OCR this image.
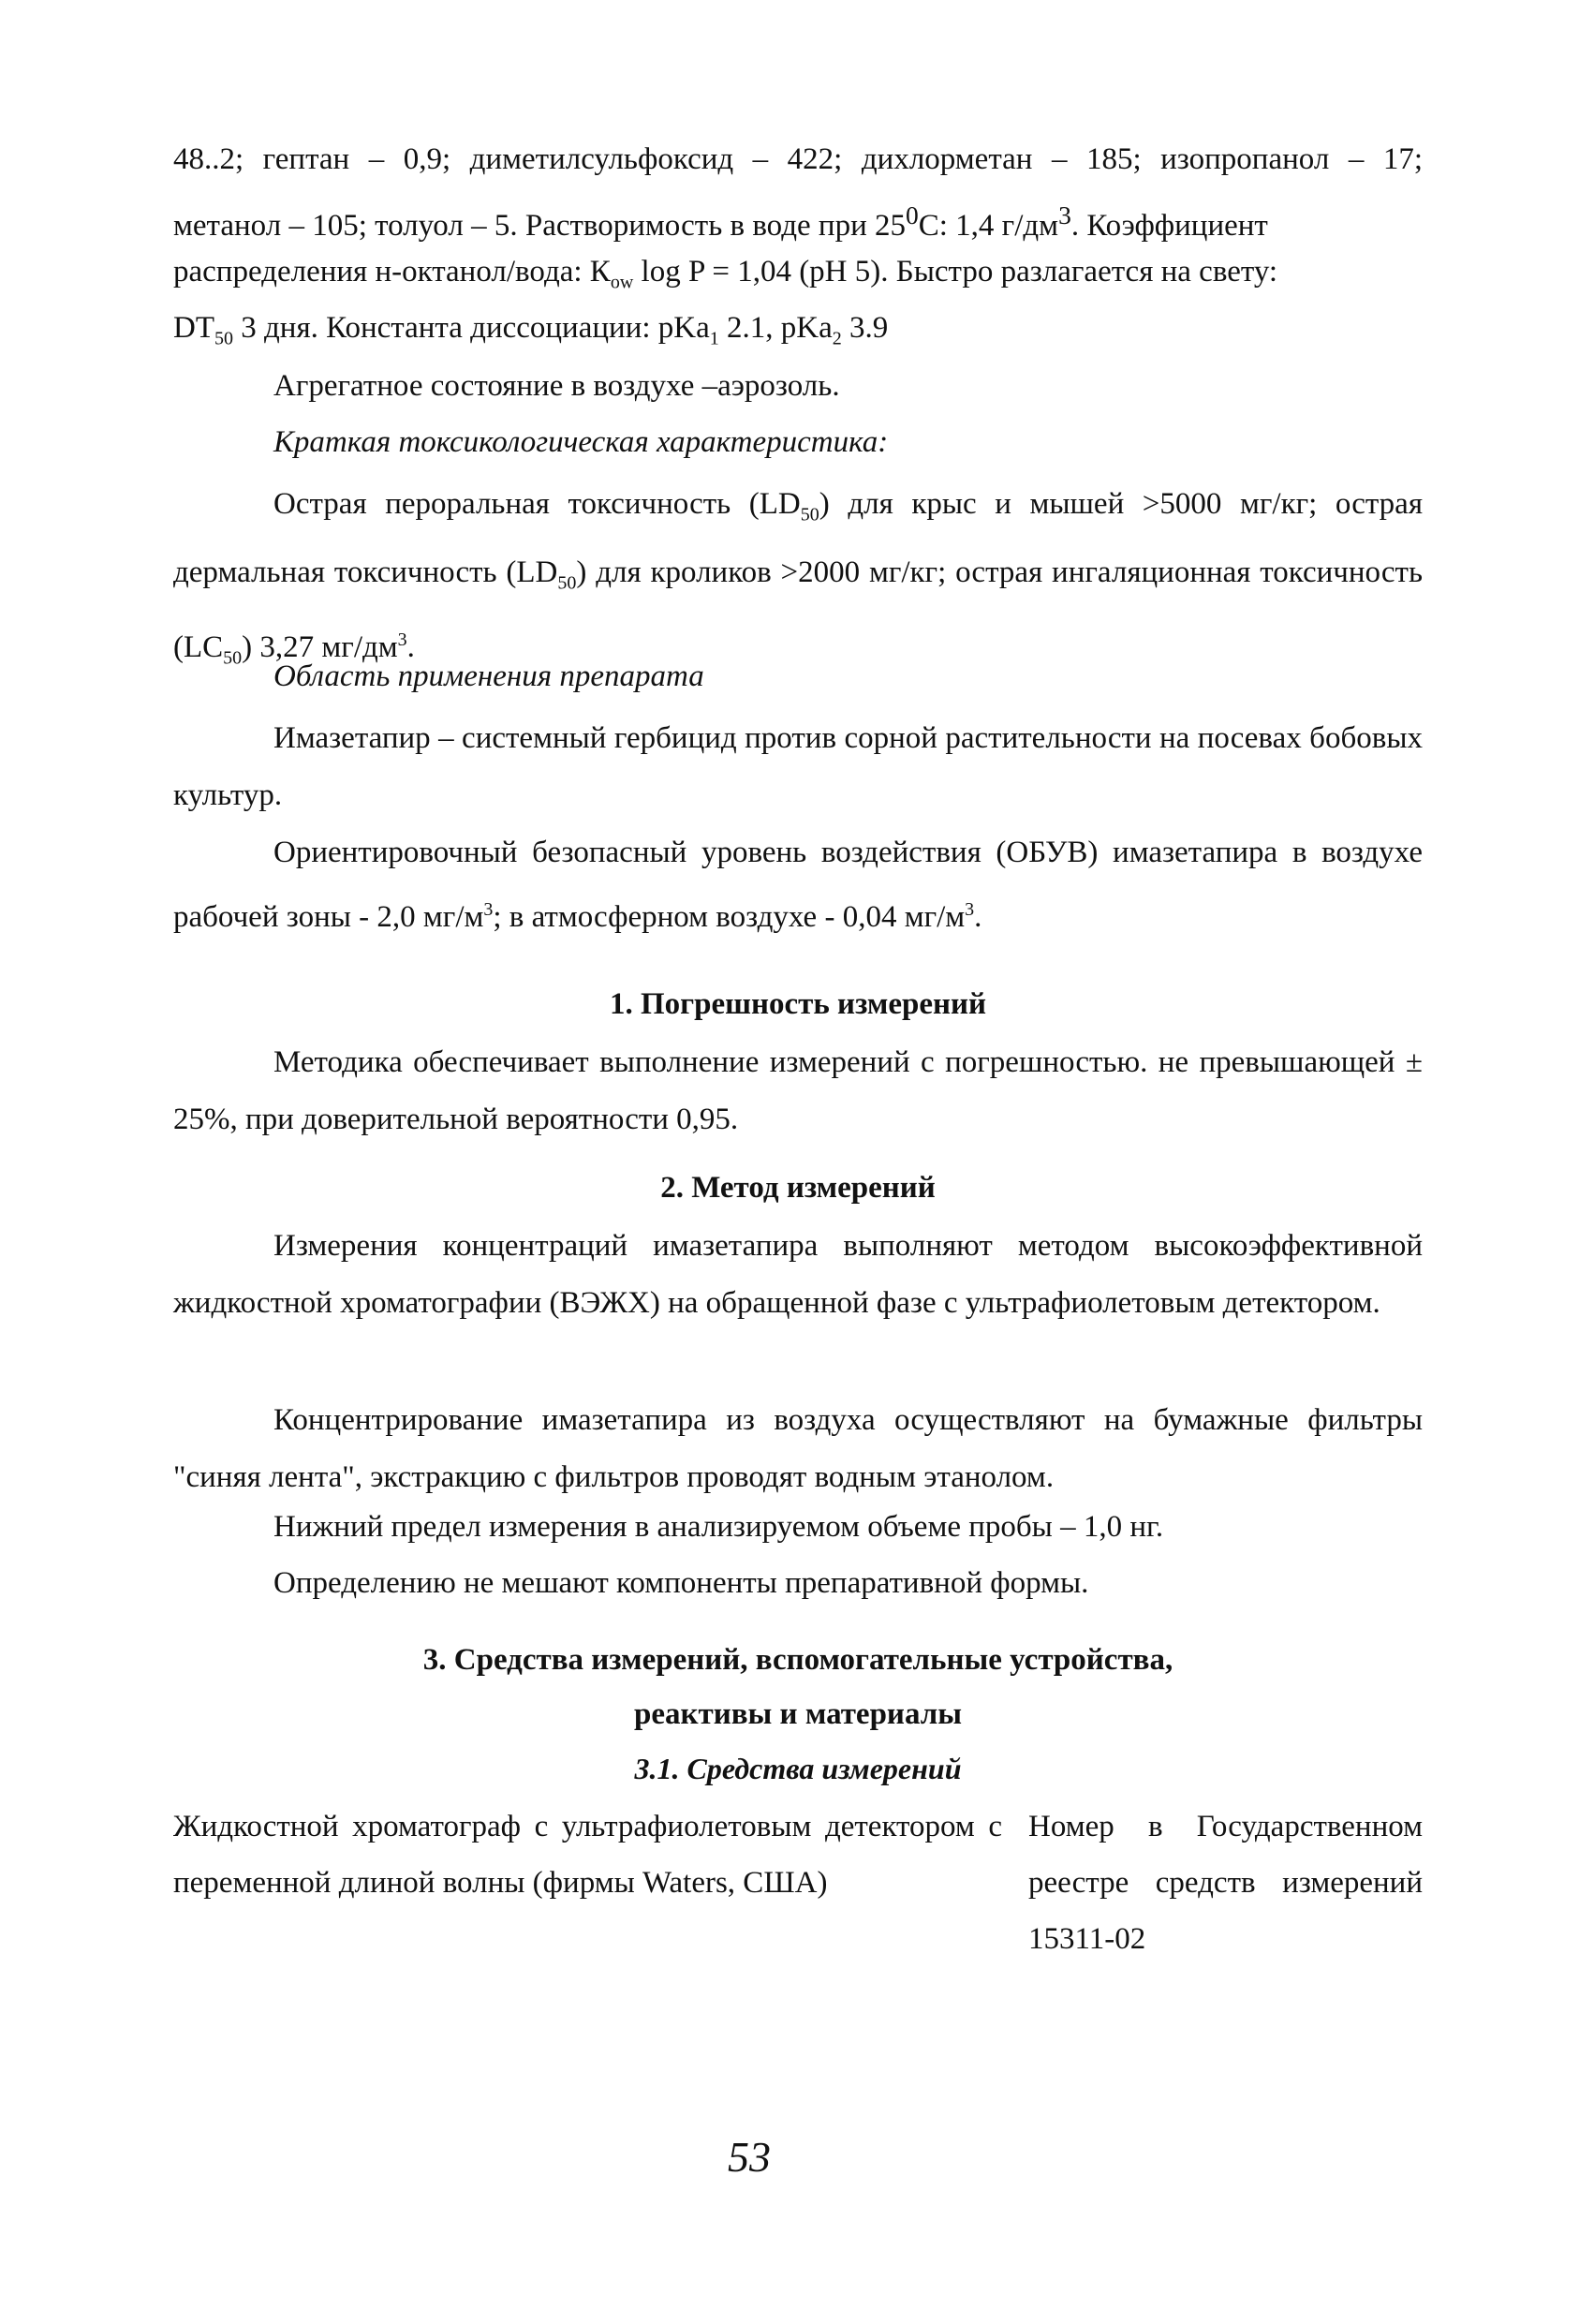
48..2; гептан – 0,9; диметилсульфоксид – 422; дихлорметан – 185; изопропанол – 17;
метанол – 105; толуол – 5. Растворимость в воде при $25^0С$: 1,4 $г/дм^3$. Коэффициент
распределения н-октанол/вода: $К_{ow}$ log P = 1,04 (pH 5). Быстро разлагается на свету:
$DT_{50}$ 3 дня. Константа диссоциации: pKa$_1$ 2.1, pKa$_2$ 3.9
Агрегатное состояние в воздухе –аэрозоль.
Краткая токсикологическая характеристика:

Острая пероральная токсичность $(LD_{50})$ для крыс и мышей >5000 мг/кг; острая дермальная токсичность $(LD_{50})$ для кроликов >2000 мг/кг; острая ингаляционная токсичность $(LC_{50})$ 3,27 $мг/дм^3$.

Область применения препарата

Имазетапир – системный гербицид против сорной растительности на посевах бобовых культур.

Ориентировочный безопасный уровень воздействия (ОБУВ) имазетапира в воздухе рабочей зоны - 2,0 $мг/м^3$; в атмосферном воздухе - 0,04 $мг/м^3$.

1. Погрешность измерений

Методика обеспечивает выполнение измерений с погрешностью. не превышающей ± 25%, при доверительной вероятности 0,95.

2. Метод измерений

Измерения концентраций имазетапира выполняют методом высокоэффективной жидкостной хроматографии (ВЭЖХ) на обращенной фазе с ультрафиолетовым детектором.

Концентрирование имазетапира из воздуха осуществляют на бумажные фильтры "синяя лента", экстракцию с фильтров проводят водным этанолом.

Нижний предел измерения в анализируемом объеме пробы – 1,0 нг.
Определению не мешают компоненты препаративной формы.
3. Средства измерений, вспомогательные устройства,
реактивы и материалы
3.1. Средства измерений
Жидкостной хроматограф с ультрафиолетовым детектором с переменной длиной волны (фирмы Waters, США)
Номер в Государственном реестре средств измерений 15311-02
53
